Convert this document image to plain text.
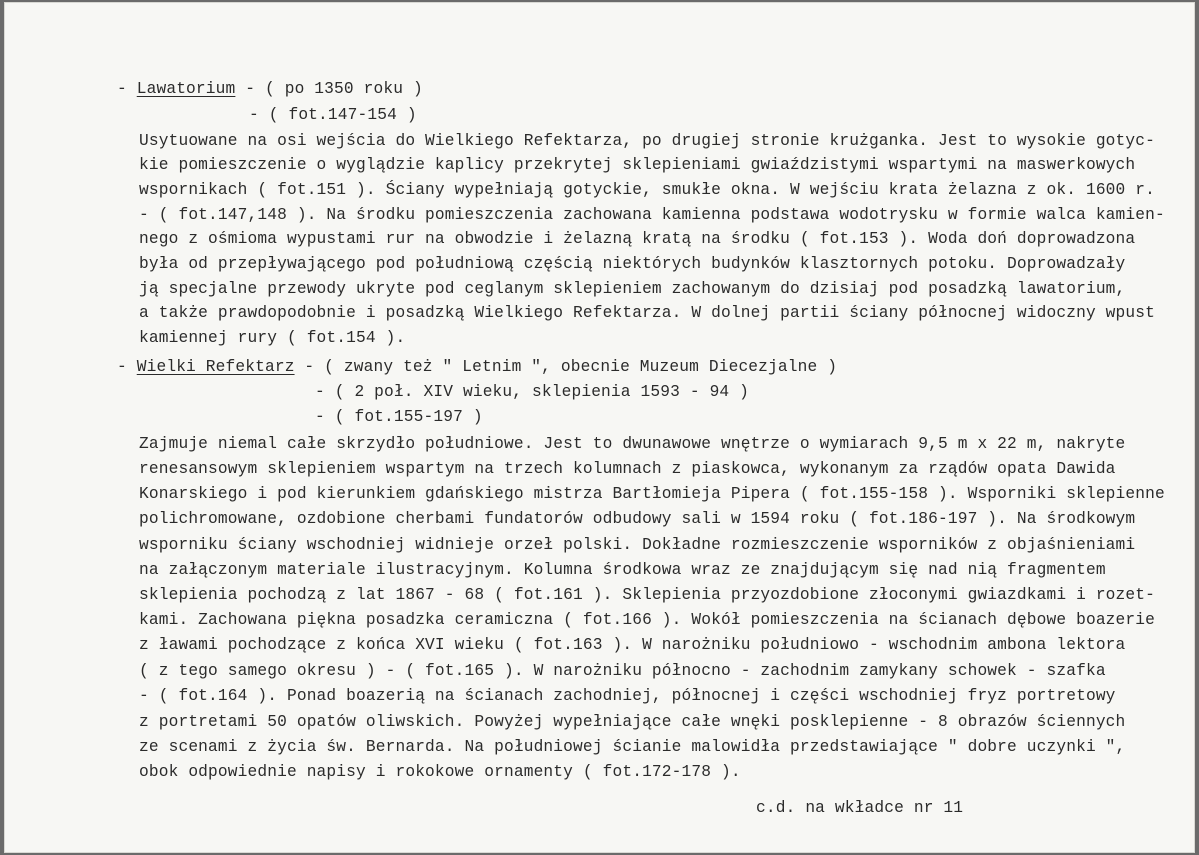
- Lawatorium - ( po 1350 roku )
- ( fot.147-154 )
Usytuowane na osi wejścia do Wielkiego Refektarza, po drugiej stronie krużganka. Jest to wysokie gotyc-
kie pomieszczenie o wyglądzie kaplicy przekrytej sklepieniami gwiaździstymi wspartymi na maswerkowych
wspornikach ( fot.151 ). Ściany wypełniają gotyckie, smukłe okna. W wejściu krata żelazna z ok. 1600 r.
- ( fot.147,148 ). Na środku pomieszczenia zachowana kamienna podstawa wodotrysku w formie walca kamien-
nego z ośmioma wypustami rur na obwodzie i żelazną kratą na środku ( fot.153 ). Woda doń doprowadzona
była od przepływającego pod południową częścią niektórych budynków klasztornych potoku. Doprowadzały
ją specjalne przewody ukryte pod ceglanym sklepieniem zachowanym do dzisiaj pod posadzką lawatorium,
a także prawdopodobnie i posadzką Wielkiego Refektarza. W dolnej partii ściany północnej widoczny wpust
kamiennej rury ( fot.154 ).
- Wielki Refektarz - ( zwany też " Letnim ", obecnie Muzeum Diecezjalne )
- ( 2 poł. XIV wieku, sklepienia 1593 - 94 )
- ( fot.155-197 )
Zajmuje niemal całe skrzydło południowe. Jest to dwunawowe wnętrze o wymiarach 9,5 m x 22 m, nakryte
renesansowym sklepieniem wspartym na trzech kolumnach z piaskowca, wykonanym za rządów opata Dawida
Konarskiego i pod kierunkiem gdańskiego mistrza Bartłomieja Pipera ( fot.155-158 ). Wsporniki sklepienne
polichromowane, ozdobione cherbami fundatorów odbudowy sali w 1594 roku ( fot.186-197 ). Na środkowym
wsporniku ściany wschodniej widnieje orzeł polski. Dokładne rozmieszczenie wsporników z objaśnieniami
na załączonym materiale ilustracyjnym. Kolumna środkowa wraz ze znajdującym się nad nią fragmentem
sklepienia pochodzą z lat 1867 - 68 ( fot.161 ). Sklepienia przyozdobione złoconymi gwiazdkami i rozet-
kami. Zachowana piękna posadzka ceramiczna ( fot.166 ). Wokół pomieszczenia na ścianach dębowe boazerie
z ławami pochodzące z końca XVI wieku ( fot.163 ). W narożniku południowo - wschodnim ambona lektora
( z tego samego okresu ) - ( fot.165 ). W narożniku północno - zachodnim zamykany schowek - szafka
- ( fot.164 ). Ponad boazerią na ścianach zachodniej, północnej i części wschodniej fryz portretowy
z portretami 50 opatów oliwskich. Powyżej wypełniające całe wnęki posklepienne - 8 obrazów ściennych
ze scenami z życia św. Bernarda. Na południowej ścianie malowidła przedstawiające " dobre uczynki ",
obok odpowiednie napisy i rokokowe ornamenty ( fot.172-178 ).
c.d. na wkładce nr 11
